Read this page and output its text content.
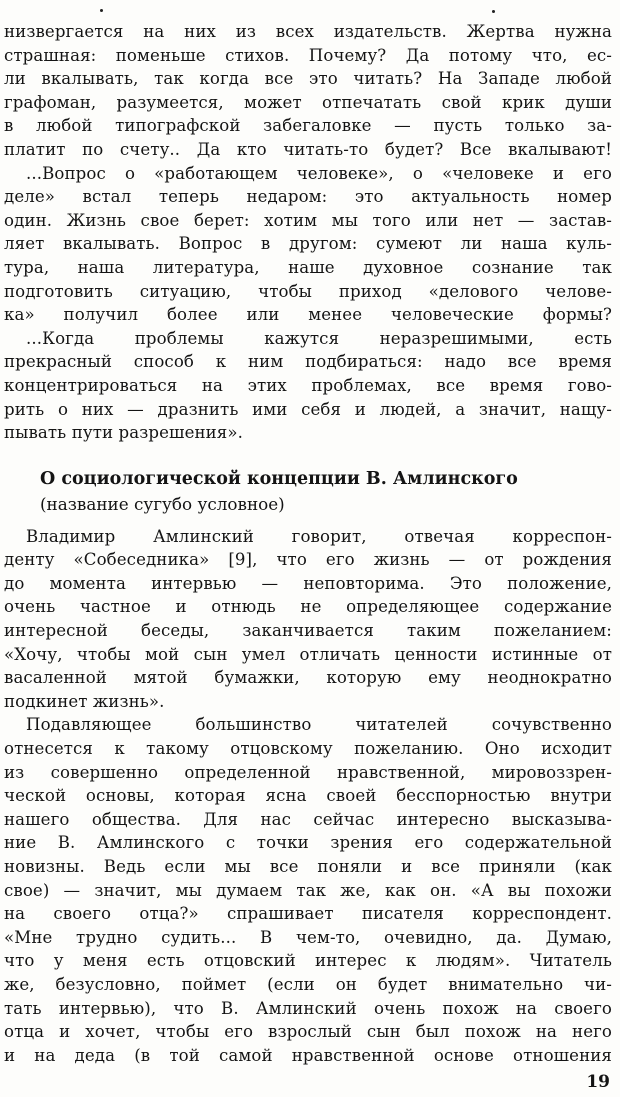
низвергается на них из всех издательств. Жертва нужна
страшная: поменьше стихов. Почему? Да потому что, ес-
ли вкалывать, так когда все это читать? На Западе любой
графоман, разумеется, может отпечатать свой крик души
в любой типографской забегаловке — пусть только за-
платит по счету.. Да кто читать-то будет? Все вкалывают!
...Вопрос о «работающем человеке», о «человеке и его
деле» встал теперь недаром: это актуальность номер
один. Жизнь свое берет: хотим мы того или нет — застав-
ляет вкалывать. Вопрос в другом: сумеют ли наша куль-
тура, наша литература, наше духовное сознание так
подготовить ситуацию, чтобы приход «делового челове-
ка» получил более или менее человеческие формы?
...Когда проблемы кажутся неразрешимыми, есть
прекрасный способ к ним подбираться: надо все время
концентрироваться на этих проблемах, все время гово-
рить о них — дразнить ими себя и людей, а значит, нащу-
пывать пути разрешения».
О социологической концепции В. Амлинского
(название сугубо условное)
Владимир Амлинский говорит, отвечая корреспон-
денту «Собеседника» [9], что его жизнь — от рождения
до момента интервью — неповторима. Это положение,
очень частное и отнюдь не определяющее содержание
интересной беседы, заканчивается таким пожеланием:
«Хочу, чтобы мой сын умел отличать ценности истинные от
васаленной мятой бумажки, которую ему неоднократно
подкинет жизнь».
Подавляющее большинство читателей сочувственно
отнесется к такому отцовскому пожеланию. Оно исходит
из совершенно определенной нравственной, мировоззрен-
ческой основы, которая ясна своей бесспорностью внутри
нашего общества. Для нас сейчас интересно высказыва-
ние В. Амлинского с точки зрения его содержательной
новизны. Ведь если мы все поняли и все приняли (как
свое) — значит, мы думаем так же, как он. «А вы похожи
на своего отца?» спрашивает писателя корреспондент.
«Мне трудно судить... В чем-то, очевидно, да. Думаю,
что у меня есть отцовский интерес к людям». Читатель
же, безусловно, поймет (если он будет внимательно чи-
тать интервью), что В. Амлинский очень похож на своего
отца и хочет, чтобы его взрослый сын был похож на него
и на деда (в той самой нравственной основе отношения
19
